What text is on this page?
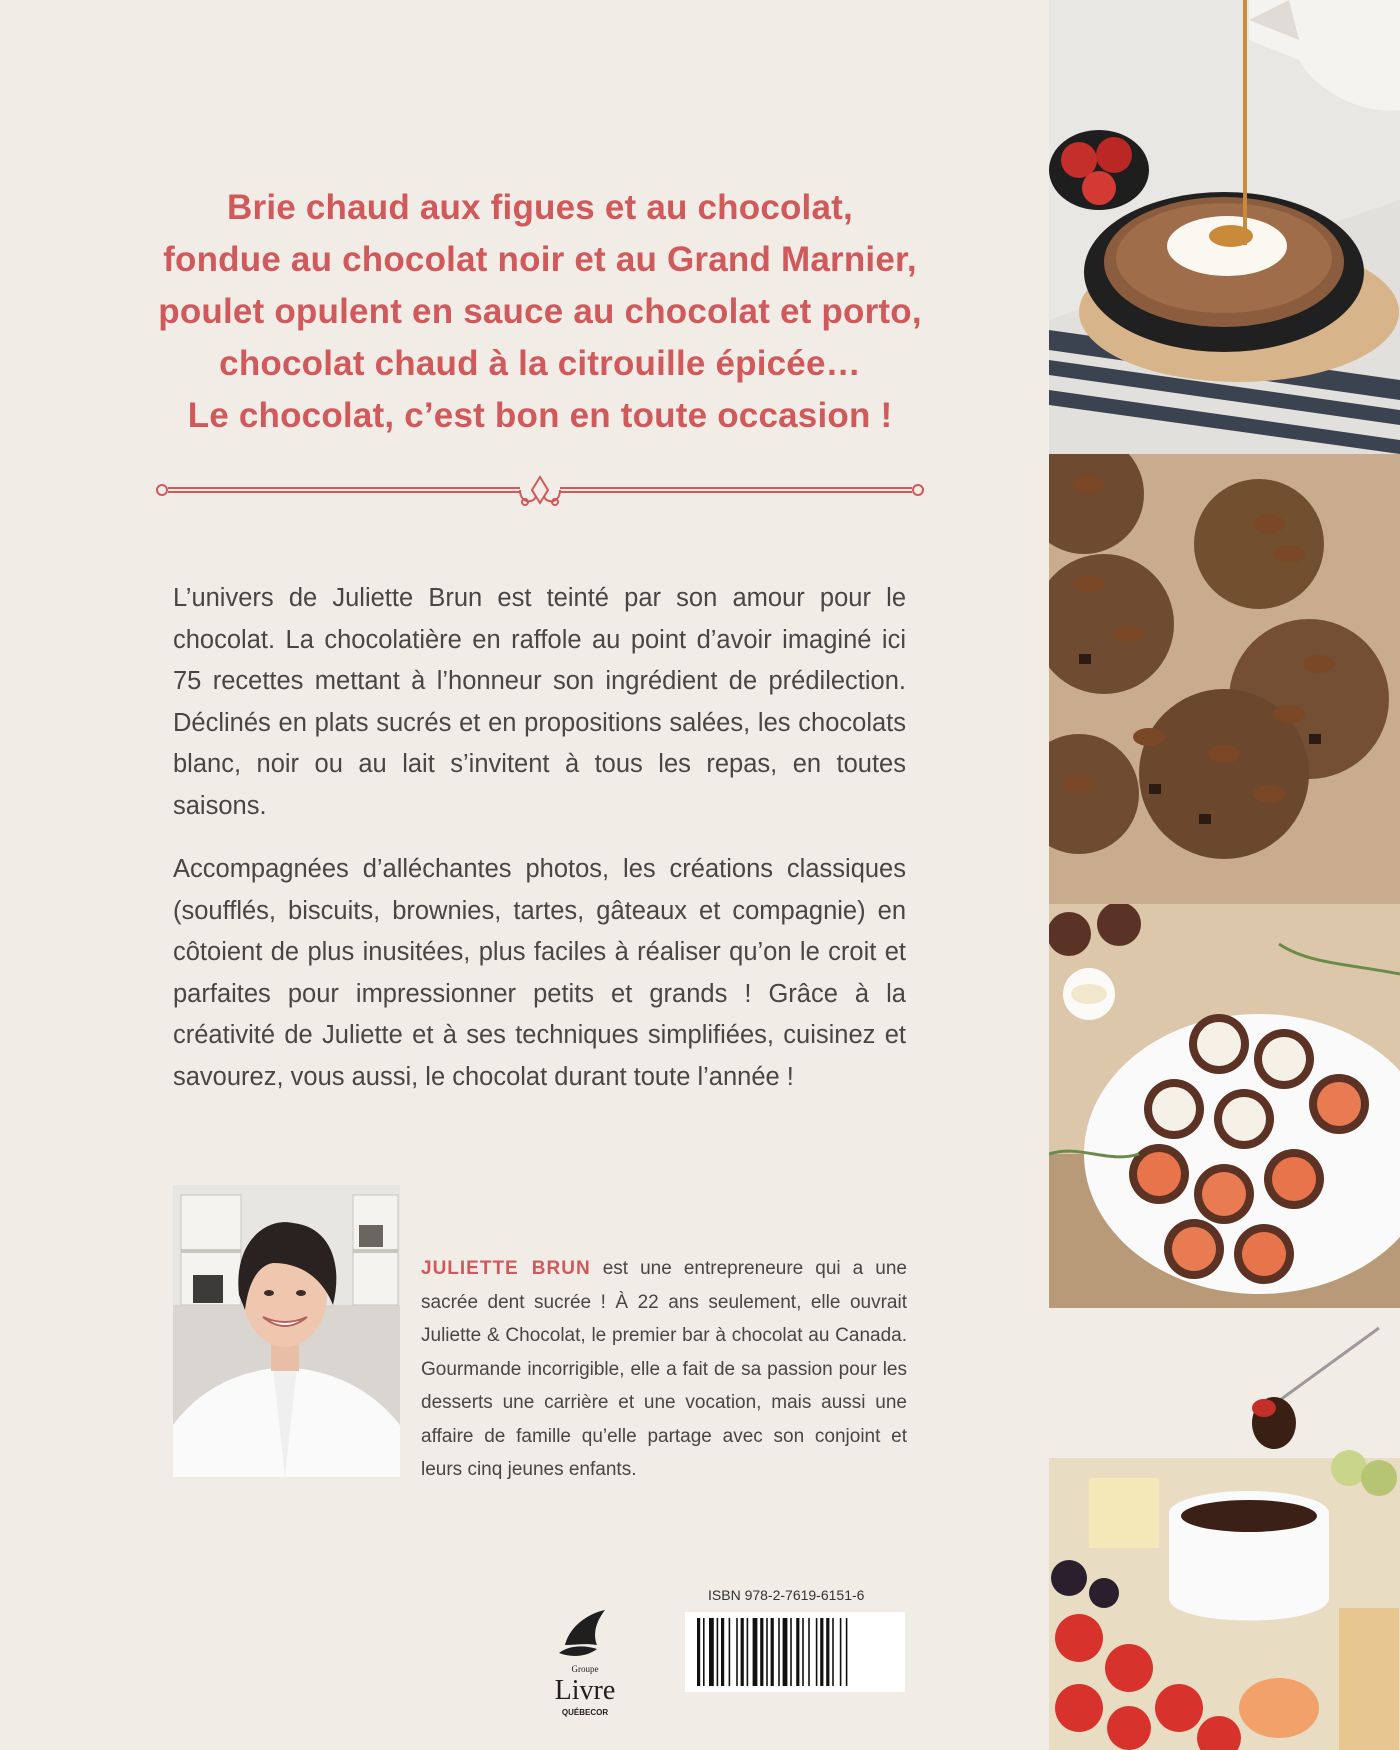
Brie chaud aux figues et au chocolat,
fondue au chocolat noir et au Grand Marnier,
poulet opulent en sauce au chocolat et porto,
chocolat chaud à la citrouille épicée…
Le chocolat, c’est bon en toute occasion !

L’univers de Juliette Brun est teinté par son amour pour le chocolat. La chocolatière en raffole au point d’avoir imaginé ici 75 recettes mettant à l’honneur son ingrédient de prédilection. Déclinés en plats sucrés et en propositions salées, les chocolats blanc, noir ou au lait s’invitent à tous les repas, en toutes saisons.

Accompagnées d’alléchantes photos, les créations classiques (soufflés, biscuits, brownies, tartes, gâteaux et compagnie) en côtoient de plus inusitées, plus faciles à réaliser qu’on le croit et parfaites pour impressionner petits et grands ! Grâce à la créativité de Juliette et à ses techniques simplifiées, cuisinez et savourez, vous aussi, le chocolat durant toute l’année !

JULIETTE BRUN est une entrepreneure qui a une sacrée dent sucrée ! À 22 ans seulement, elle ouvrait Juliette & Chocolat, le premier bar à chocolat au Canada. Gourmande incorrigible, elle a fait de sa passion pour les desserts une carrière et une vocation, mais aussi une affaire de famille qu’elle partage avec son conjoint et leurs cinq jeunes enfants.
Groupe
Livre
QUÉBECOR
ISBN 978-2-7619-6151-6
